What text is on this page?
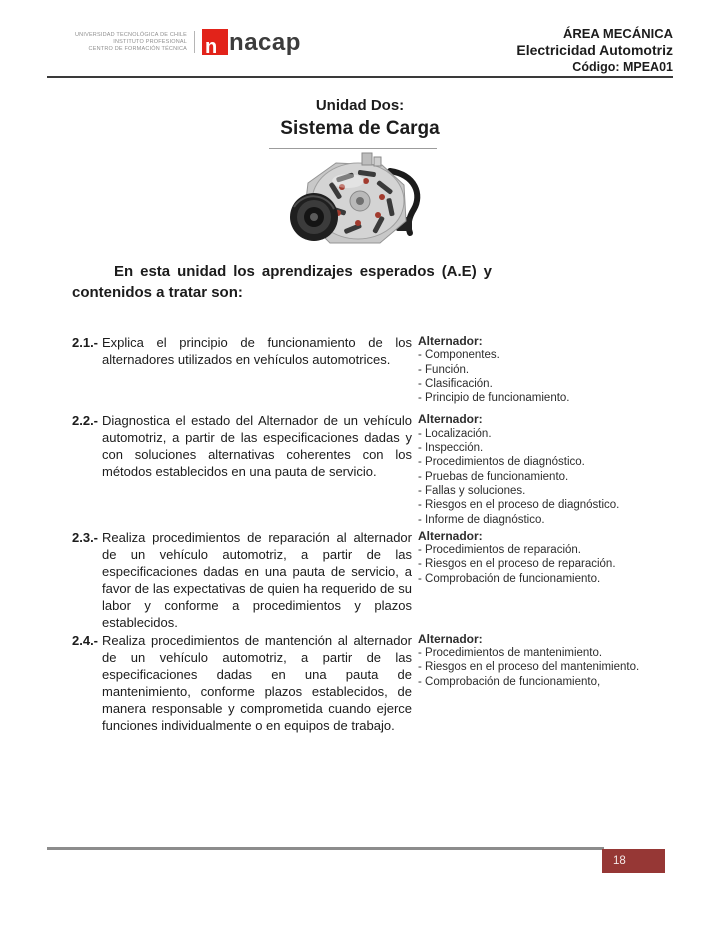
UNIVERSIDAD TECNOLÓGICA DE CHILE
INSTITUTO PROFESIONAL
CENTRO DE FORMACIÓN TÉCNICA n nacap	ÁREA MECÁNICA
Electricidad Automotriz
Código: MPEA01
Unidad Dos:
Sistema de Carga

En esta unidad los aprendizajes esperados (A.E) y contenidos a tratar son:

2.1.- Explica el principio de funcionamiento de los alternadores utilizados en vehículos automotrices.

Alternador:
- Componentes.
- Función.
- Clasificación.
- Principio de funcionamiento.
2.2.- Diagnostica el estado del Alternador de un vehículo automotriz, a partir de las especificaciones dadas y con soluciones alternativas coherentes con los métodos establecidos en una pauta de servicio.

Alternador:
- Localización.
- Inspección.
- Procedimientos de diagnóstico.
- Pruebas de funcionamiento.
- Fallas y soluciones.
- Riesgos en el proceso de diagnóstico.
- Informe de diagnóstico.
2.3.- Realiza procedimientos de reparación al alternador de un vehículo automotriz, a partir de las especificaciones dadas en una pauta de servicio, a favor de las expectativas de quien ha requerido de su labor y conforme a procedimientos y plazos establecidos.

Alternador:
- Procedimientos de reparación.
- Riesgos en el proceso de reparación.
- Comprobación de funcionamiento.
2.4.- Realiza procedimientos de mantención al alternador de un vehículo automotriz, a partir de las especificaciones dadas en una pauta de mantenimiento, conforme plazos establecidos, de manera responsable y comprometida cuando ejerce funciones individualmente o en equipos de trabajo.

Alternador:
- Procedimientos de mantenimiento.
- Riesgos en el proceso del mantenimiento.
- Comprobación de funcionamiento,
18
